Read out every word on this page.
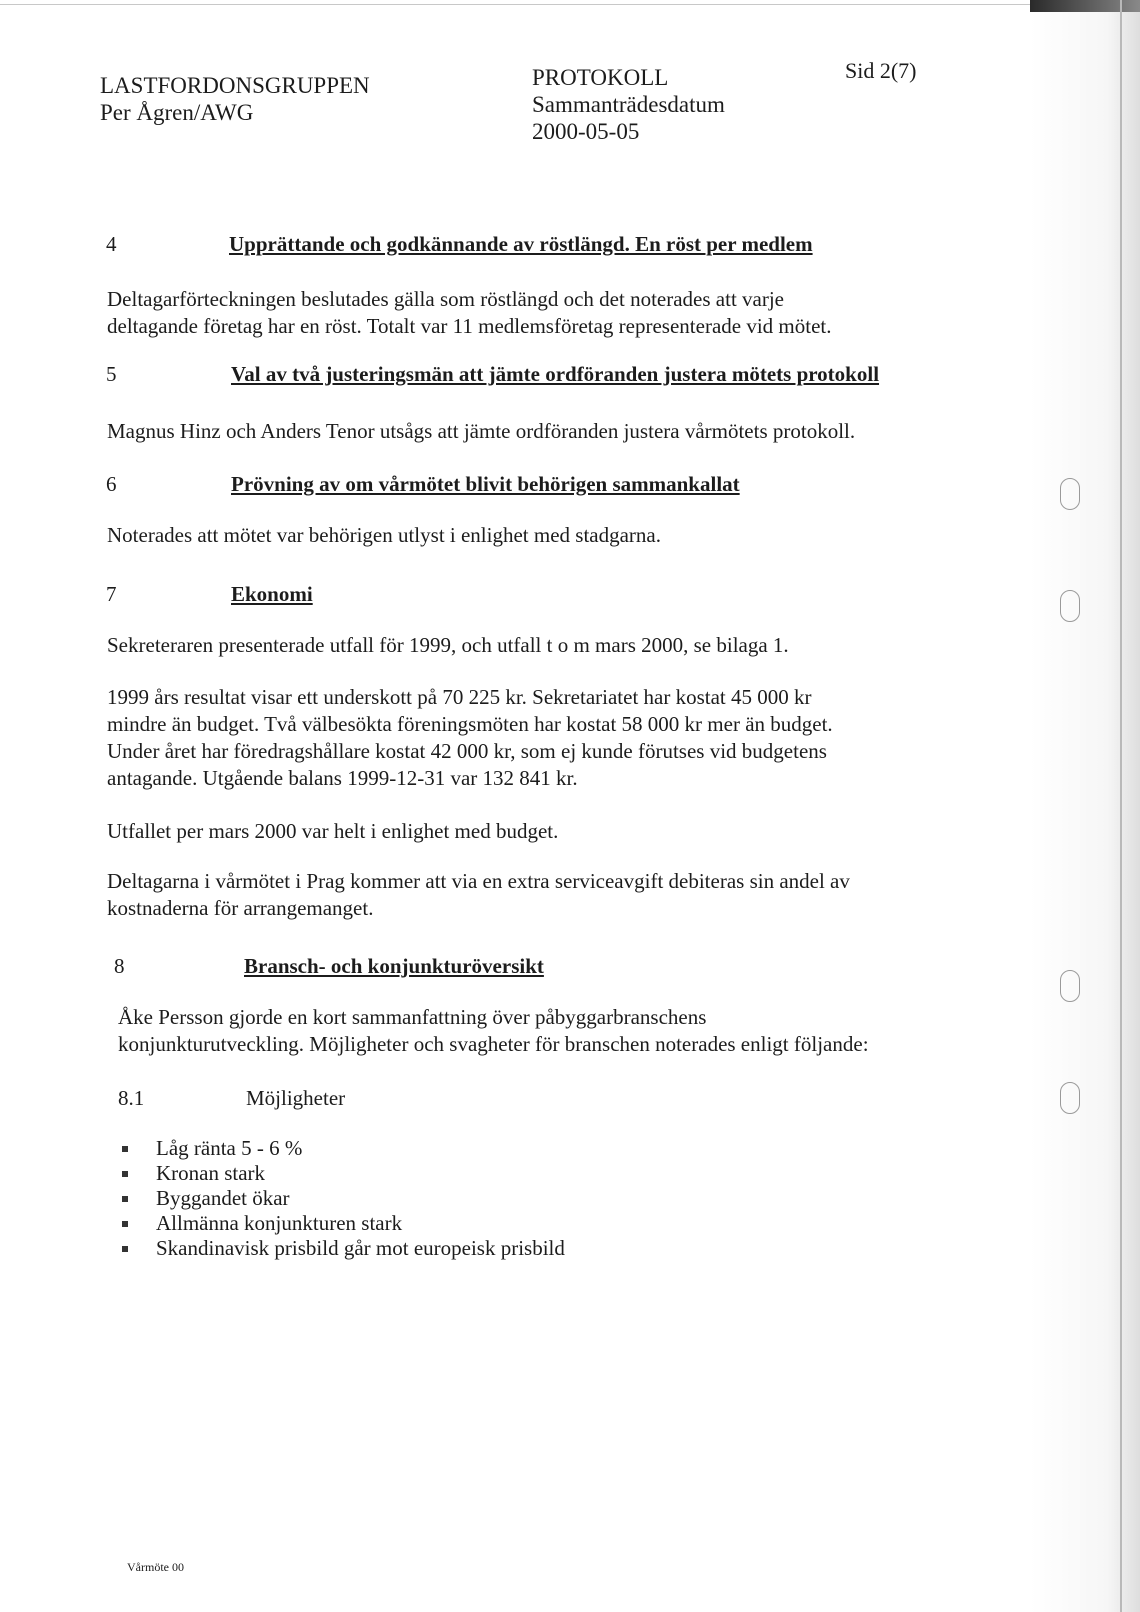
LASTFORDONSGRUPPEN
Per Ågren/AWG
PROTOKOLL
Sammanträdesdatum
2000-05-05
Sid 2(7)
4	Upprättande och godkännande av röstlängd. En röst per medlem
Deltagarförteckningen beslutades gälla som röstlängd och det noterades att varje
deltagande företag har en röst. Totalt var 11 medlemsföretag representerade vid mötet.
5	Val av två justeringsmän att jämte ordföranden justera mötets protokoll
Magnus Hinz och Anders Tenor utsågs att jämte ordföranden justera vårmötets protokoll.
6	Prövning av om vårmötet blivit behörigen sammankallat
Noterades att mötet var behörigen utlyst i enlighet med stadgarna.
7	Ekonomi
Sekreteraren presenterade utfall för 1999, och utfall t o m mars 2000, se bilaga 1.
1999 års resultat visar ett underskott på 70 225 kr. Sekretariatet har kostat 45 000 kr
mindre än budget. Två välbesökta föreningsmöten har kostat 58 000 kr mer än budget.
Under året har föredragshållare kostat 42 000 kr, som ej kunde förutses vid budgetens
antagande. Utgående balans 1999-12-31 var 132 841 kr.
Utfallet per mars 2000 var helt i enlighet med budget.
Deltagarna i vårmötet i Prag kommer att via en extra serviceavgift debiteras sin andel av
kostnaderna för arrangemanget.
8	Bransch- och konjunkturöversikt
Åke Persson gjorde en kort sammanfattning över påbyggarbranschens
konjunkturutveckling. Möjligheter och svagheter för branschen noterades enligt följande:
8.1	Möjligheter
Låg ränta 5 - 6 %
Kronan stark
Byggandet ökar
Allmänna konjunkturen stark
Skandinavisk prisbild går mot europeisk prisbild
Vårmöte 00
